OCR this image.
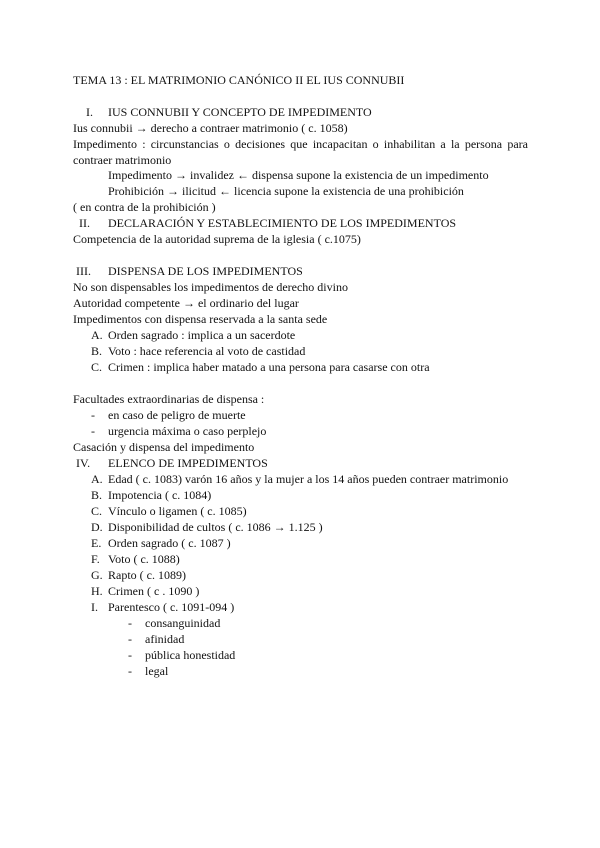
TEMA 13 : EL MATRIMONIO CANÓNICO II EL IUS CONNUBII
I. IUS CONNUBII Y CONCEPTO DE IMPEDIMENTO
Ius connubii → derecho a contraer matrimonio ( c. 1058)
Impedimento : circunstancias o decisiones que incapacitan o inhabilitan a la persona para
contraer matrimonio
Impedimento → invalidez ← dispensa supone la existencia de un impedimento
Prohibición → ilicitud ← licencia supone la existencia de una prohibición
( en contra de la prohibición )
II. DECLARACIÓN Y ESTABLECIMIENTO DE LOS IMPEDIMENTOS
Competencia de la autoridad suprema de la iglesia ( c.1075)
III. DISPENSA DE LOS IMPEDIMENTOS
No son dispensables los impedimentos de derecho divino
Autoridad competente → el ordinario del lugar
Impedimentos con dispensa reservada a la santa sede
A. Orden sagrado : implica a un sacerdote
B. Voto : hace referencia al voto de castidad
C. Crimen : implica haber matado a una persona para casarse con otra
Facultades extraordinarias de dispensa :
- en caso de peligro de muerte
- urgencia máxima o caso perplejo
Casación y dispensa del impedimento
IV. ELENCO DE IMPEDIMENTOS
A. Edad ( c. 1083) varón 16 años y la mujer a los 14 años pueden contraer matrimonio
B. Impotencia ( c. 1084)
C. Vínculo o ligamen ( c. 1085)
D. Disponibilidad de cultos ( c. 1086 → 1.125 )
E. Orden sagrado ( c. 1087 )
F. Voto ( c. 1088)
G. Rapto ( c. 1089)
H. Crimen ( c . 1090 )
I. Parentesco ( c. 1091-094 )
- consanguinidad
- afinidad
- pública honestidad
- legal
